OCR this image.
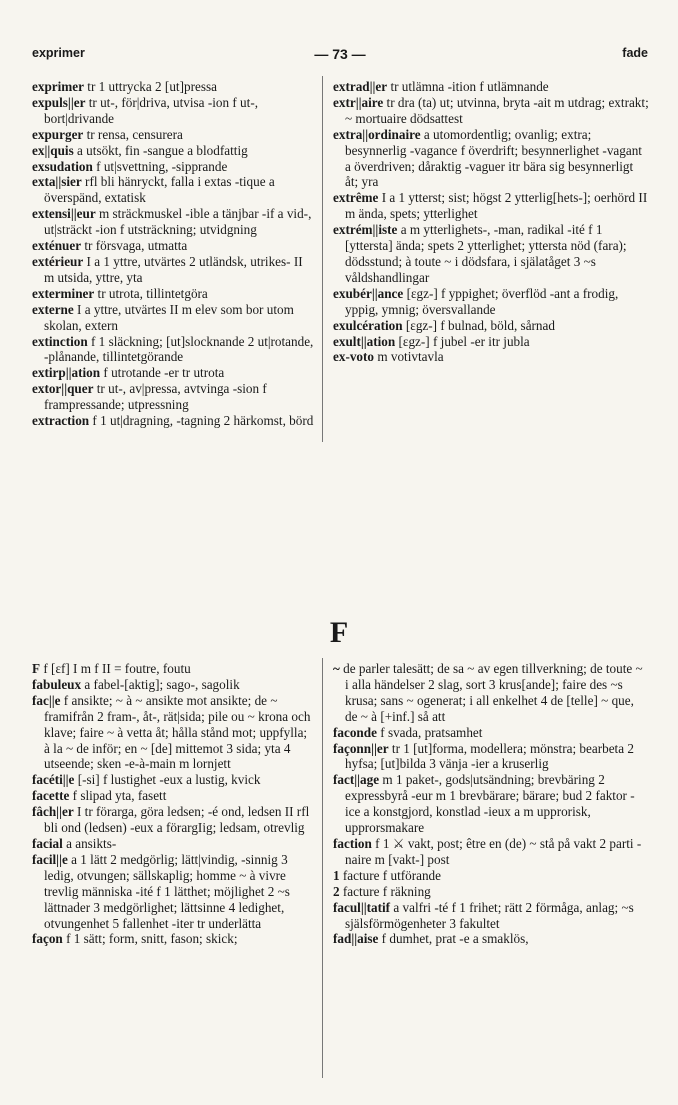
exprimer	— 73 —	fade

exprimer tr 1 uttrycka 2 [ut]pressa

expuls||er tr ut-, för|driva, utvisa -ion f ut-, bort|drivande

expurger tr rensa, censurera

ex||quis a utsökt, fin -sangue a blodfattig

exsudation f ut|svettning, -sipprande

exta||sier rfl bli hänryckt, falla i extas -tique a överspänd, extatisk

extensi||eur m sträckmuskel -ible a tänjbar -if a vid-, ut|sträckt -ion f utsträckning; utvidgning

exténuer tr försvaga, utmatta

extérieur I a 1 yttre, utvärtes 2 utländsk, utrikes- II m utsida, yttre, yta

exterminer tr utrota, tillintetgöra

externe I a yttre, utvärtes II m elev som bor utom skolan, extern

extinction f 1 släckning; [ut]slocknande 2 ut|rotande, -plånande, tillintetgörande

extirp||ation f utrotande -er tr utrota

extor||quer tr ut-, av|pressa, avtvinga -sion f frampressande; utpressning

extraction f 1 ut|dragning, -tagning 2 härkomst, börd

extrad||er tr utlämna -ition f utlämnande

extr||aire tr dra (ta) ut; utvinna, bryta -ait m utdrag; extrakt; ~ mortuaire dödsattest

extra||ordinaire a utomordentlig; ovanlig; extra; besynnerlig -vagance f överdrift; besynnerlighet -vagant a överdriven; dåraktig -vaguer itr bära sig besynnerligt åt; yra

extrême I a 1 ytterst; sist; högst 2 ytterlig[hets-]; oerhörd II m ända, spets; ytterlighet

extrém||iste a m ytterlighets-, -man, radikal -ité f 1 [yttersta] ända; spets 2 ytterlighet; yttersta nöd (fara); dödsstund; à toute ~ i dödsfara, i själatåget 3 ~s våldshandlingar

exubér||ance [ɛgz-] f yppighet; överflöd -ant a frodig, yppig, ymnig; översvallande

exulcération [ɛgz-] f bulnad, böld, sårnad

exult||ation [ɛgz-] f jubel -er itr jubla

ex-voto m votivtavla

F

F f [ɛf] I m f II = foutre, foutu

fabuleux a fabel-[aktig]; sago-, sagolik

fac||e f ansikte; ~ à ~ ansikte mot ansikte; de ~ framifrån 2 fram-, åt-, rät|sida; pile ou ~ krona och klave; faire ~ à vetta åt; hålla stånd mot; uppfylla; à la ~ de inför; en ~ [de] mittemot 3 sida; yta 4 utseende; sken -e-à-main m lornjett

facéti||e [-si] f lustighet -eux a lustig, kvick

facette f slipad yta, fasett

fâch||er I tr förarga, göra ledsen; -é ond, ledsen II rfl bli ond (ledsen) -eux a förargIig; ledsam, otrevlig

facial a ansikts-

facil||e a 1 lätt 2 medgörlig; lätt|vindig, -sinnig 3 ledig, otvungen; sällskaplig; homme ~ à vivre trevlig människa -ité f 1 lätthet; möjlighet 2 ~s lättnader 3 medgörlighet; lättsinne 4 ledighet, otvungenhet 5 fallenhet -iter tr underlätta

façon f 1 sätt; form, snitt, fason; skick;

~ de parler talesätt; de sa ~ av egen tillverkning; de toute ~ i alla händelser 2 slag, sort 3 krus[ande]; faire des ~s krusa; sans ~ ogenerat; i all enkelhet 4 de [telle] ~ que, de ~ à [+inf.] så att

faconde f svada, pratsamhet

façonn||er tr 1 [ut]forma, modellera; mönstra; bearbeta 2 hyfsa; [ut]bilda 3 vänja -ier a kruserlig

fact||age m 1 paket-, gods|utsändning; brevbäring 2 expressbyrå -eur m 1 brevbärare; bärare; bud 2 faktor -ice a konstgjord, konstlad -ieux a m upprorisk, upprorsmakare

faction f 1 ⚔ vakt, post; être en (de) ~ stå på vakt 2 parti -naire m [vakt-] post

1 facture f utförande

2 facture f räkning

facul||tatif a valfri -té f 1 frihet; rätt 2 förmåga, anlag; ~s själsförmögenheter 3 fakultet

fad||aise f dumhet, prat -e a smaklös,
